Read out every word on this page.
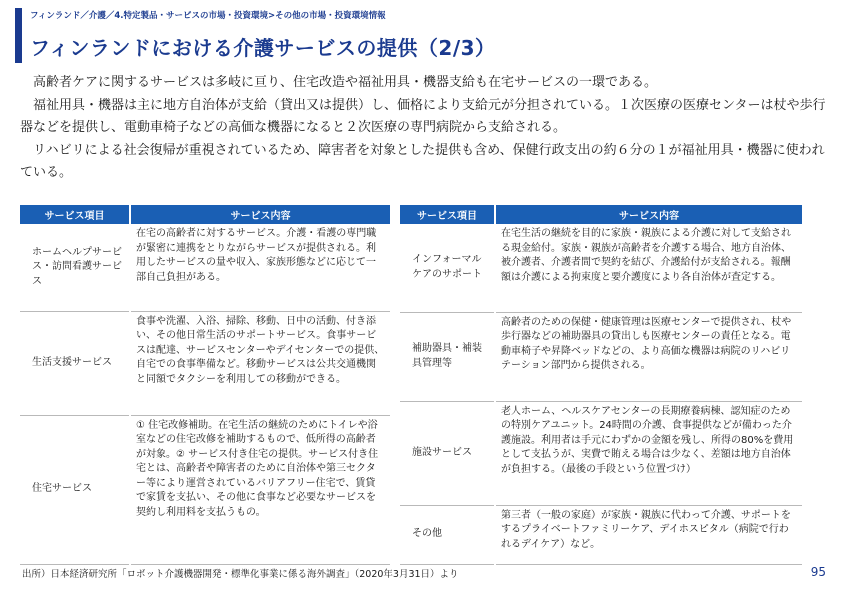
フィンランド／介護／4.特定製品・サービスの市場・投資環境>その他の市場・投資環境情報
フィンランドにおける介護サービスの提供（2/3）

高齢者ケアに関するサービスは多岐に亘り、住宅改造や福祉用具・機器支給も在宅サービスの一環である。

福祉用具・機器は主に地方自治体が支給（貸出又は提供）し、価格により支給元が分担されている。１次医療の医療センターは杖や歩行器などを提供し、電動車椅子などの高価な機器になると２次医療の専門病院から支給される。

リハビリによる社会復帰が重視されているため、障害者を対象とした提供も含め、保健行政支出の約６分の１が福祉用具・機器に使われている。

サービス項目	サービス内容
ホームヘルプサービス・訪問看護サービス	在宅の高齢者に対するサービス。介護・看護の専門職が緊密に連携をとりながらサービスが提供される。利用したサービスの量や収入、家族形態などに応じて一部自己負担がある。
生活支援サービス	食事や洗濯、入浴、掃除、移動、日中の活動、付き添い、その他日常生活のサポートサービス。食事サービスは配達、サービスセンターやデイセンターでの提供、自宅での食事準備など。移動サービスは公共交通機関と同額でタクシーを利用しての移動ができる。
住宅サービス	① 住宅改修補助。在宅生活の継続のためにトイレや浴室などの住宅改修を補助するもので、低所得の高齢者が対象。② サービス付き住宅の提供。サービス付き住宅とは、高齢者や障害者のために自治体や第三セクター等により運営されているバリアフリー住宅で、賃貸で家賃を支払い、その他に食事など必要なサービスを契約し利用料を支払うもの。
サービス項目	サービス内容
インフォーマルケアのサポート	在宅生活の継続を目的に家族・親族による介護に対して支給される現金給付。家族・親族が高齢者を介護する場合、地方自治体、被介護者、介護者間で契約を結び、介護給付が支給される。報酬額は介護による拘束度と要介護度により各自治体が査定する。
補助器具・補装具管理等	高齢者のための保健・健康管理は医療センターで提供され、杖や歩行器などの補助器具の貸出しも医療センターの責任となる。電動車椅子や昇降ベッドなどの、より高価な機器は病院のリハビリテーション部門から提供される。
施設サービス	老人ホーム、ヘルスケアセンターの長期療養病棟、認知症のための特別ケアユニット。24時間の介護、食事提供などが備わった介護施設。利用者は手元にわずかの金額を残し、所得の80%を費用として支払うが、実費で賄える場合は少なく、差額は地方自治体が負担する。（最後の手段という位置づけ）
その他	第三者（一般の家庭）が家族・親族に代わって介護、サポートをするプライベートファミリーケア、デイホスピタル（病院で行われるデイケア）など。
出所）日本経済研究所「ロボット介護機器開発・標準化事業に係る海外調査」（2020年3月31日）より	95
